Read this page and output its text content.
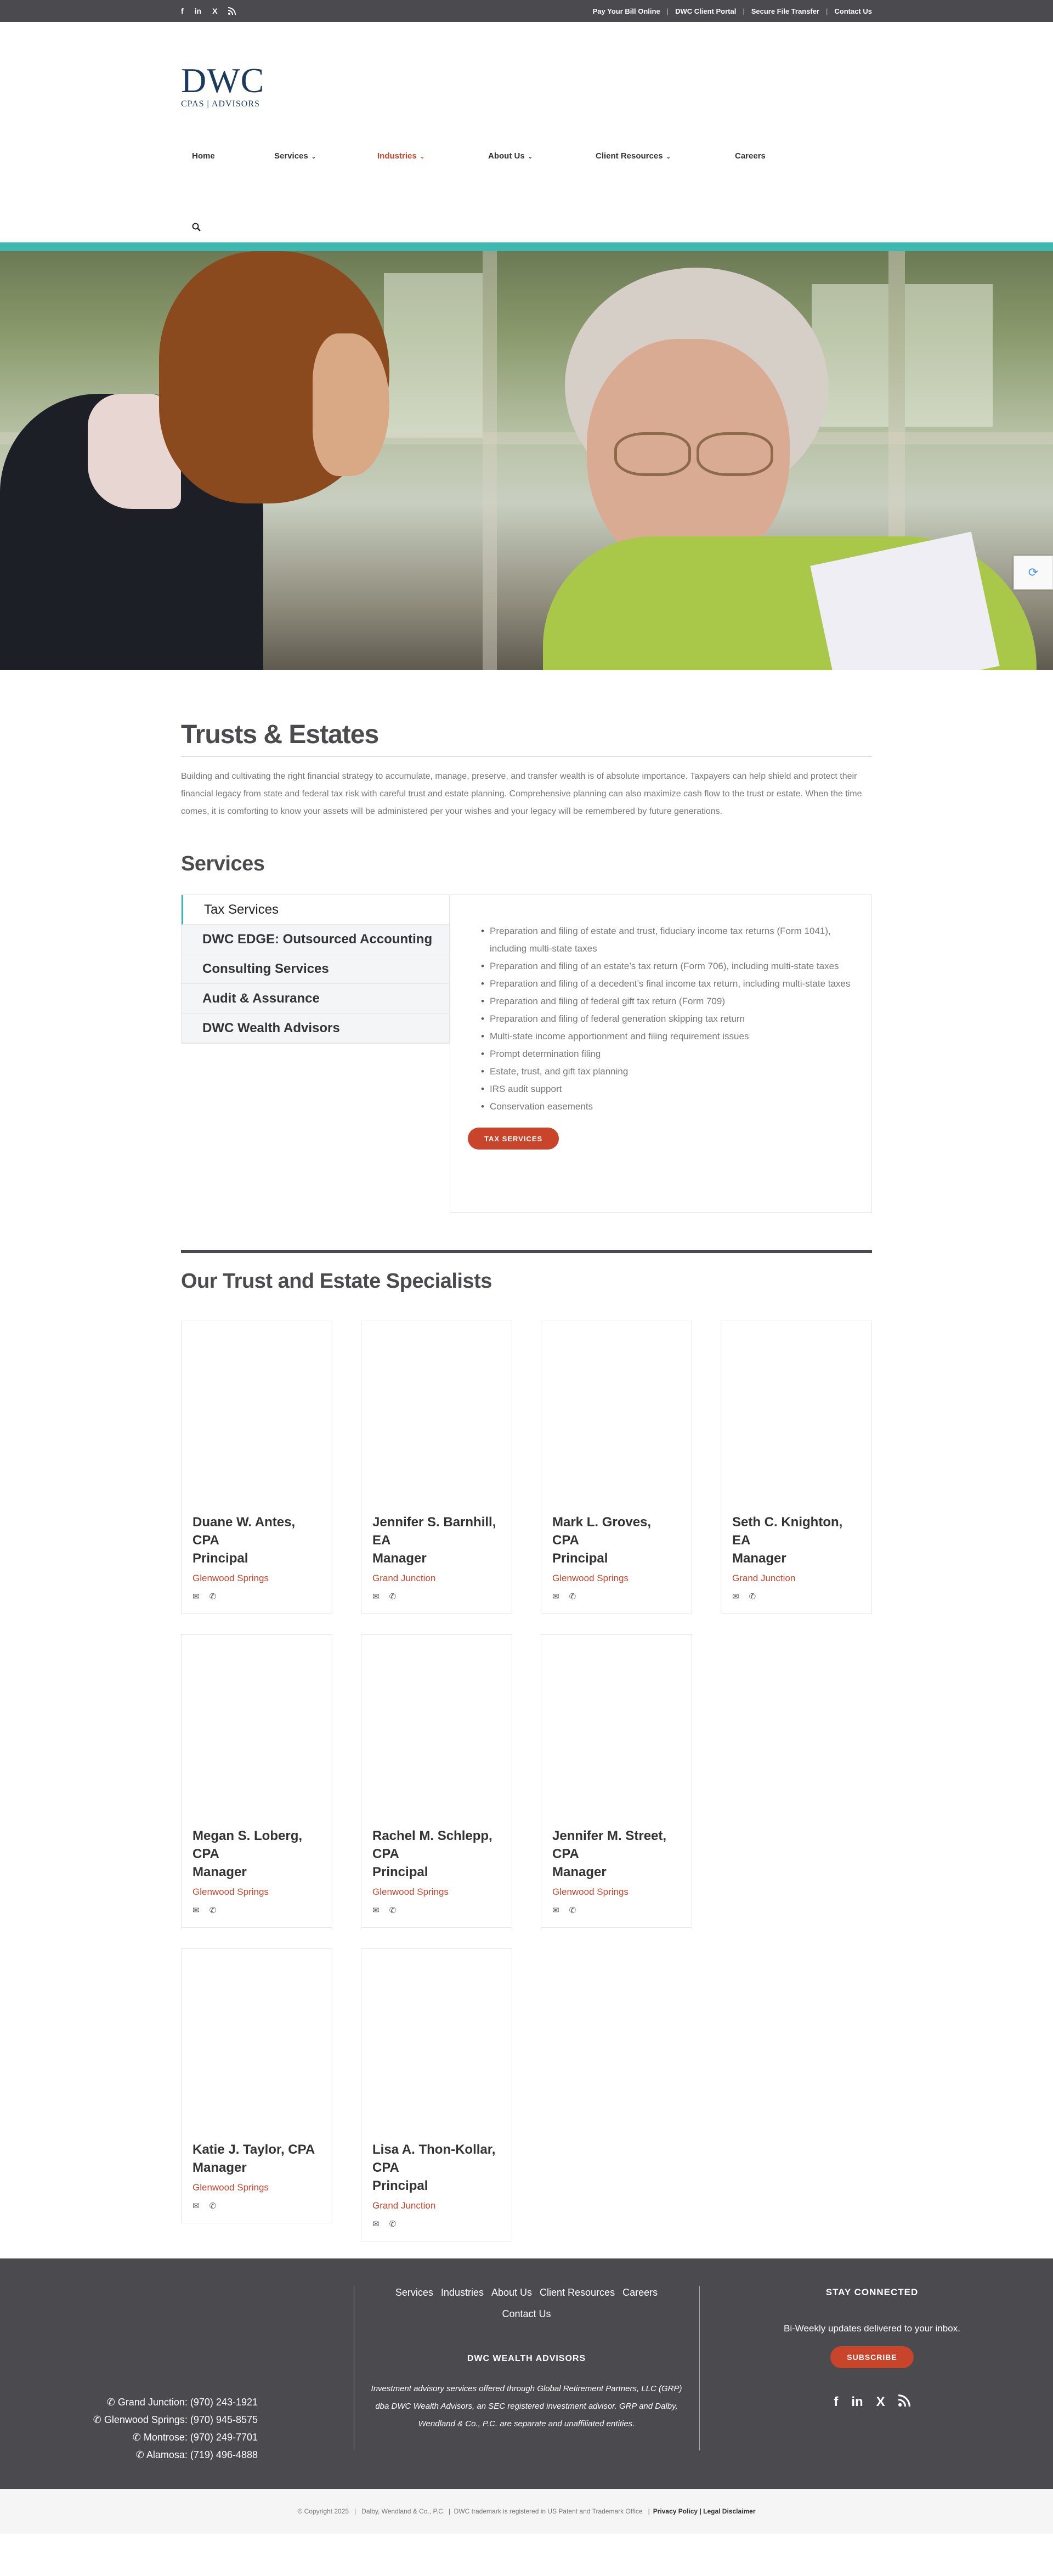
f in X	Pay Your Bill Online | DWC Client Portal | Secure File Transfer | Contact Us
DWC
CPAS | ADVISORS
Home	Services ⌄	Industries ⌄	About Us ⌄	Client Resources ⌄	Careers
⟳
Trusts & Estates

Building and cultivating the right financial strategy to accumulate, manage, preserve, and transfer wealth is of absolute importance. Taxpayers can help shield and protect their financial legacy from state and federal tax risk with careful trust and estate planning. Comprehensive planning can also maximize cash flow to the trust or estate. When the time comes, it is comforting to know your assets will be administered per your wishes and your legacy will be remembered by future generations.

Services
Tax Services
DWC EDGE: Outsourced Accounting
Consulting Services
Audit & Assurance
DWC Wealth Advisors
• Preparation and filing of estate and trust, fiduciary income tax returns (Form 1041), including multi-state taxes
• Preparation and filing of an estate’s tax return (Form 706), including multi-state taxes
• Preparation and filing of a decedent’s final income tax return, including multi-state taxes
• Preparation and filing of federal gift tax return (Form 709)
• Preparation and filing of federal generation skipping tax return
• Multi-state income apportionment and filing requirement issues
• Prompt determination filing
• Estate, trust, and gift tax planning
• IRS audit support
• Conservation easements
TAX SERVICES
Our Trust and Estate Specialists
Duane W. Antes,
CPA
Principal
Glenwood Springs
✉ ✆
Jennifer S. Barnhill,
EA
Manager
Grand Junction
✉ ✆
Mark L. Groves,
CPA
Principal
Glenwood Springs
✉ ✆
Seth C. Knighton,
EA
Manager
Grand Junction
✉ ✆
Megan S. Loberg,
CPA
Manager
Glenwood Springs
✉ ✆
Rachel M. Schlepp,
CPA
Principal
Glenwood Springs
✉ ✆
Jennifer M. Street,
CPA
Manager
Glenwood Springs
✉ ✆
Katie J. Taylor, CPA
Manager
Glenwood Springs
✉ ✆
Lisa A. Thon-Kollar,
CPA
Principal
Grand Junction
✉ ✆
✆ Grand Junction: (970) 243-1921
✆ Glenwood Springs: (970) 945-8575
✆ Montrose: (970) 249-7701
✆ Alamosa: (719) 496-4888
Services Industries About Us Client Resources Careers
Contact Us
DWC WEALTH ADVISORS
Investment advisory services offered through Global Retirement Partners, LLC (GRP) dba DWC Wealth Advisors, an SEC registered investment advisor. GRP and Dalby, Wendland & Co., P.C. are separate and unaffiliated entities.
STAY CONNECTED
Bi-Weekly updates delivered to your inbox.
SUBSCRIBE
f in X
© Copyright 2025   |   Dalby, Wendland & Co., P.C.  |  DWC trademark is registered in US Patent and Trademark Office   | Privacy Policy | Legal Disclaimer
